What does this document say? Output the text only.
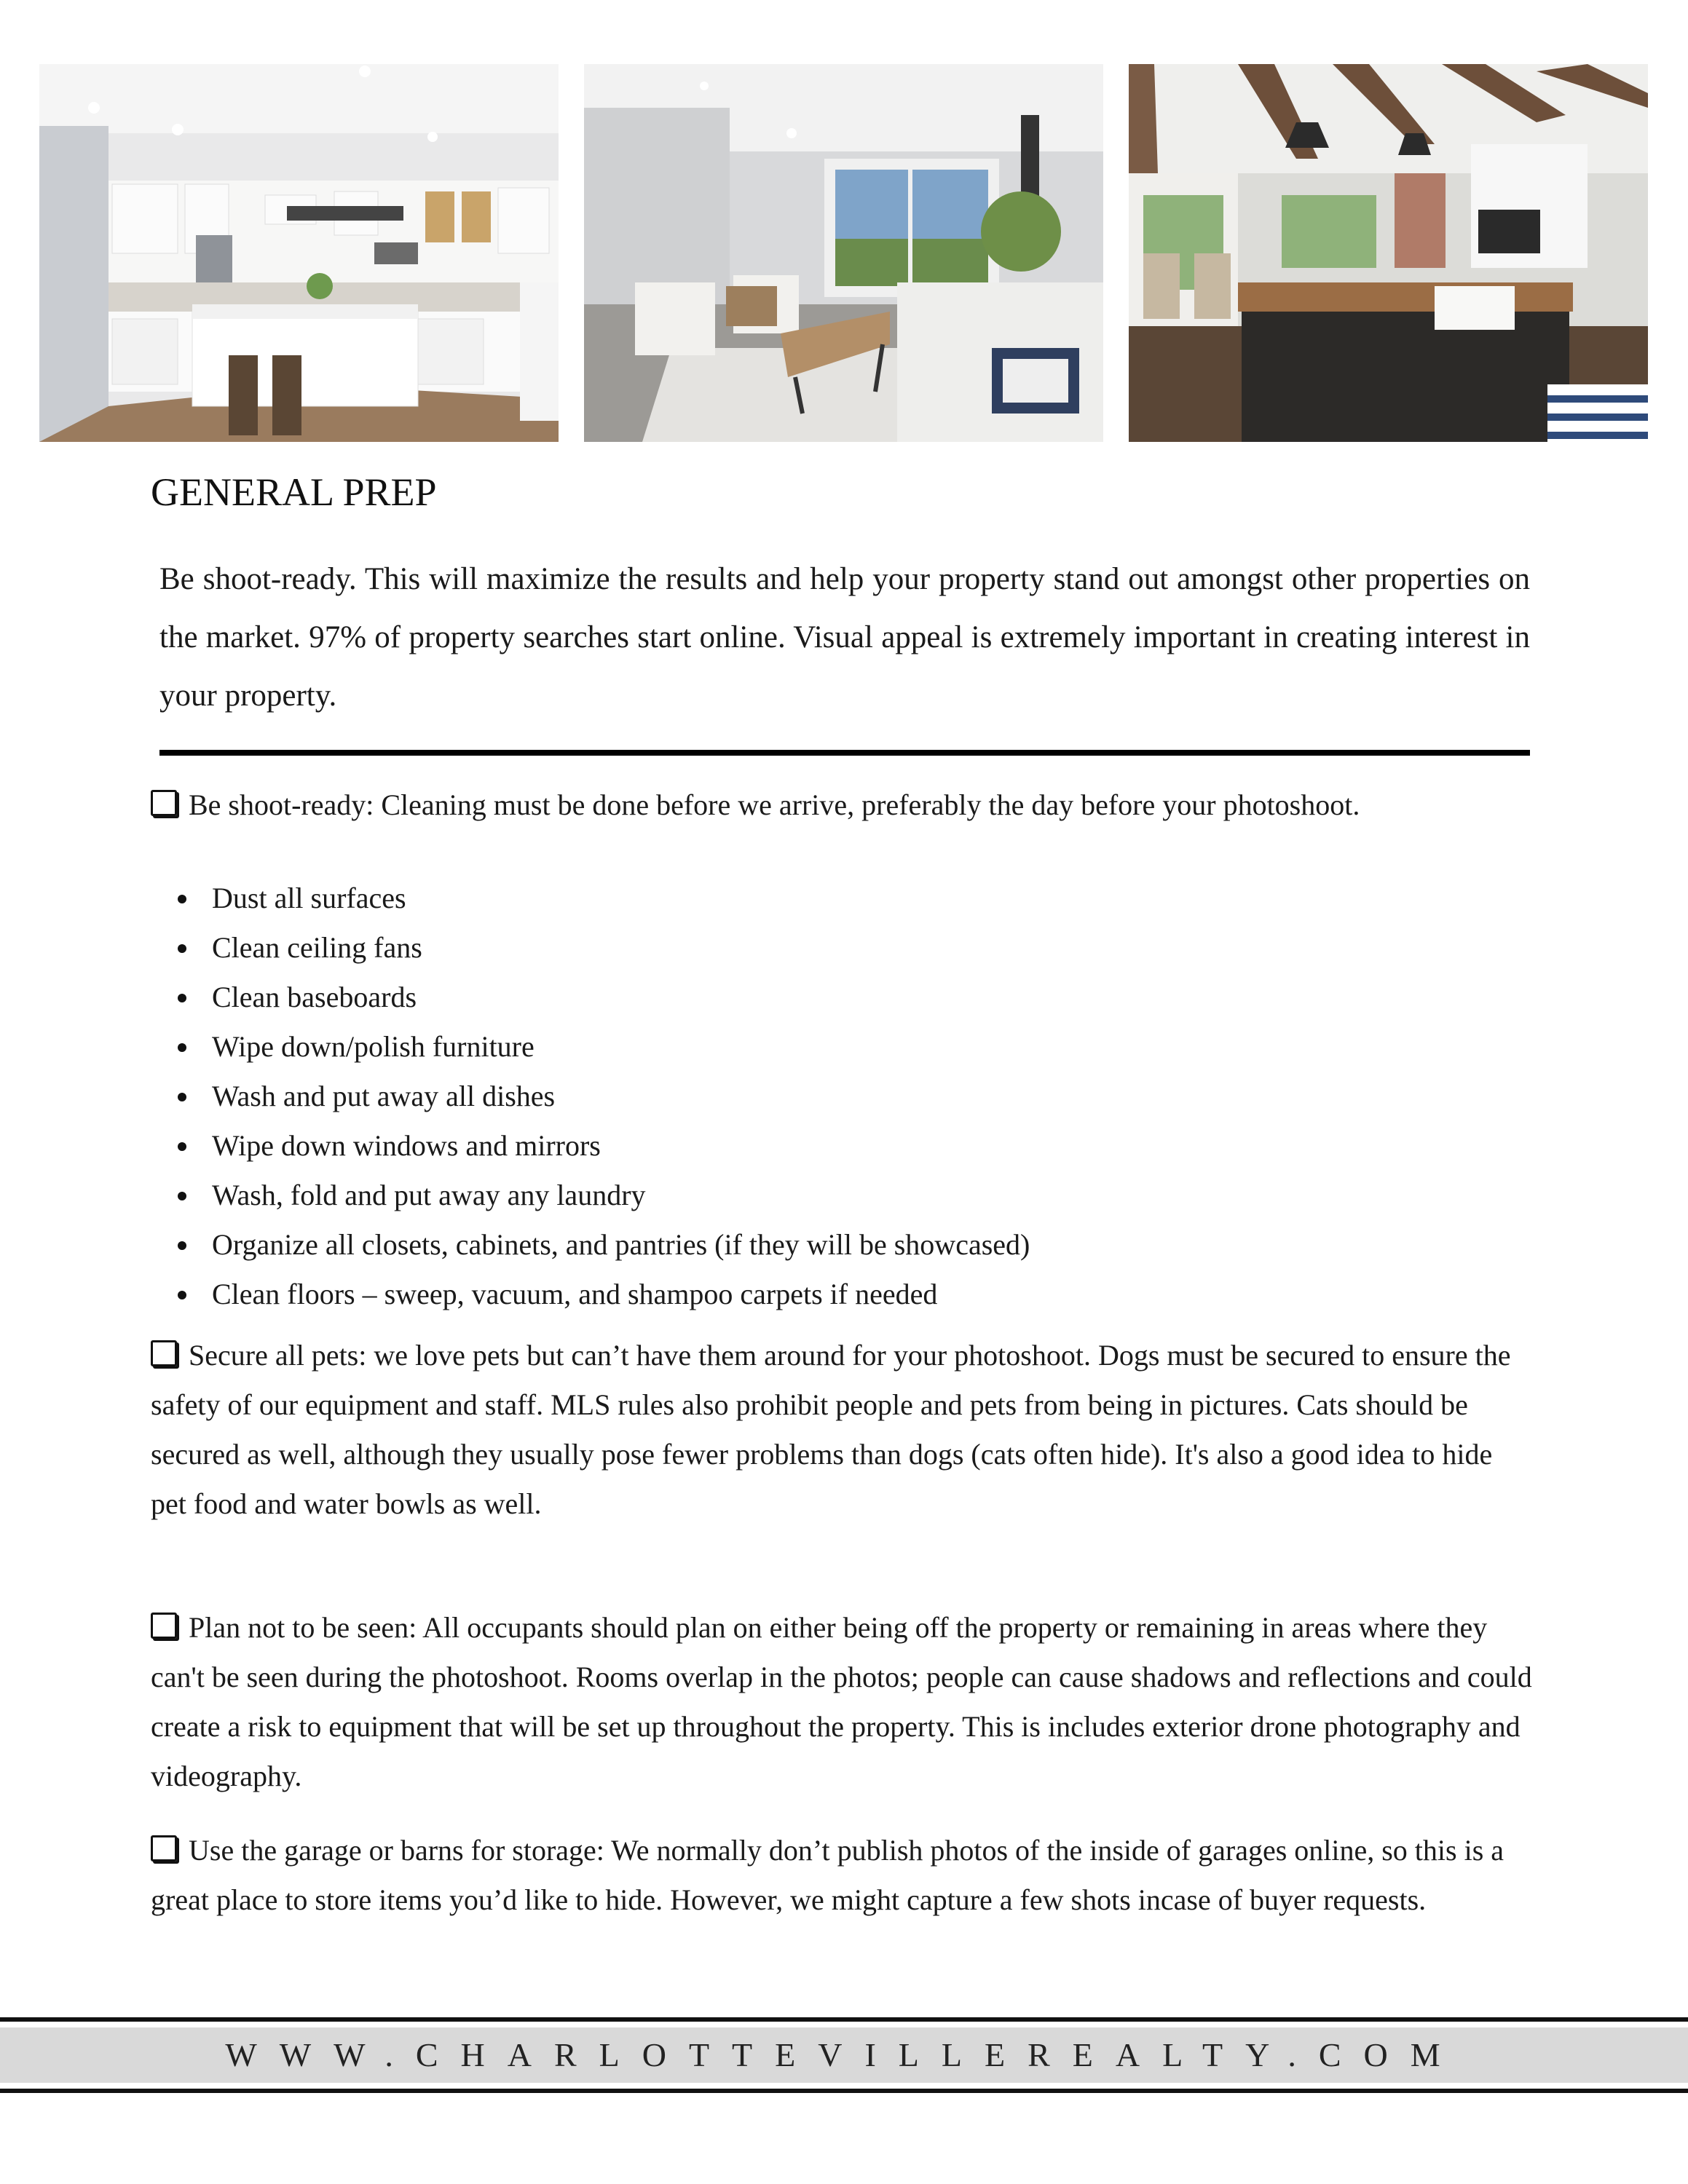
GENERAL PREP

Be shoot-ready. This will maximize the results and help your property stand out amongst other properties on the market. 97% of property searches start online. Visual appeal is extremely important in creating interest in your property.

Be shoot-ready: Cleaning must be done before we arrive, preferably the day before your photoshoot.

Dust all surfaces
Clean ceiling fans
Clean baseboards
Wipe down/polish furniture
Wash and put away all dishes
Wipe down windows and mirrors
Wash, fold and put away any laundry
Organize all closets, cabinets, and pantries (if they will be showcased)
Clean floors – sweep, vacuum, and shampoo carpets if needed

Secure all pets: we love pets but can’t have them around for your photoshoot. Dogs must be secured to ensure the safety of our equipment and staff. MLS rules also prohibit people and pets from being in pictures. Cats should be secured as well, although they usually pose fewer problems than dogs (cats often hide). It's also a good idea to hide pet food and water bowls as well.

Plan not to be seen: All occupants should plan on either being off the property or remaining in areas where they can't be seen during the photoshoot. Rooms overlap in the photos; people can cause shadows and reflections and could create a risk to equipment that will be set up throughout the property. This is includes exterior drone photography and videography.

Use the garage or barns for storage: We normally don’t publish photos of the inside of garages online, so this is a great place to store items you’d like to hide. However, we might capture a few shots incase of buyer requests.

WWW.CHARLOTTEVILLEREALTY.COM
